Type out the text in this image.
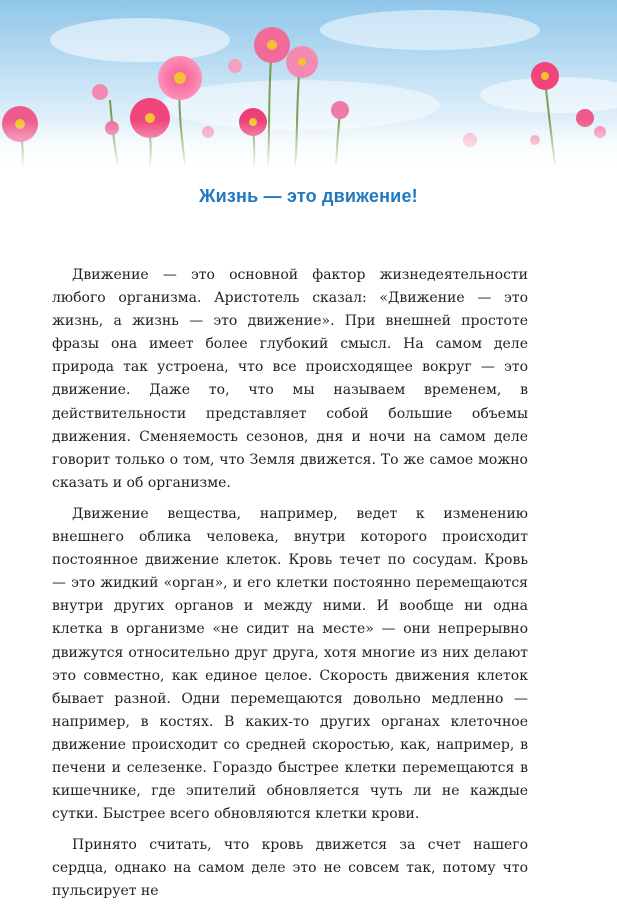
Жизнь — это движение!

Движение — это основной фактор жизнедеятельности любого организма. Аристотель сказал: «Движение — это жизнь, а жизнь — это движение». При внешней простоте фразы она имеет более глубокий смысл. На самом деле природа так устроена, что все происходящее вокруг — это движение. Даже то, что мы называем временем, в действительности представляет собой большие объемы движения. Сменяемость сезонов, дня и ночи на самом деле говорит только о том, что Земля движется. То же самое можно сказать и об организме.

Движение вещества, например, ведет к изменению внешнего облика человека, внутри которого происходит постоянное движение клеток. Кровь течет по сосудам. Кровь — это жидкий «орган», и его клетки постоянно перемещаются внутри других органов и между ними. И вообще ни одна клетка в организме «не сидит на месте» — они непрерывно движутся относительно друг друга, хотя многие из них делают это совместно, как единое целое. Скорость движения клеток бывает разной. Одни перемещаются довольно медленно — например, в костях. В каких-то других органах клеточное движение происходит со средней скоростью, как, например, в печени и селезенке. Гораздо быстрее клетки перемещаются в кишечнике, где эпителий обновляется чуть ли не каждые сутки. Быстрее всего обновляются клетки крови.

Принято считать, что кровь движется за счет нашего сердца, однако на самом деле это не совсем так, потому что пульсирует не
